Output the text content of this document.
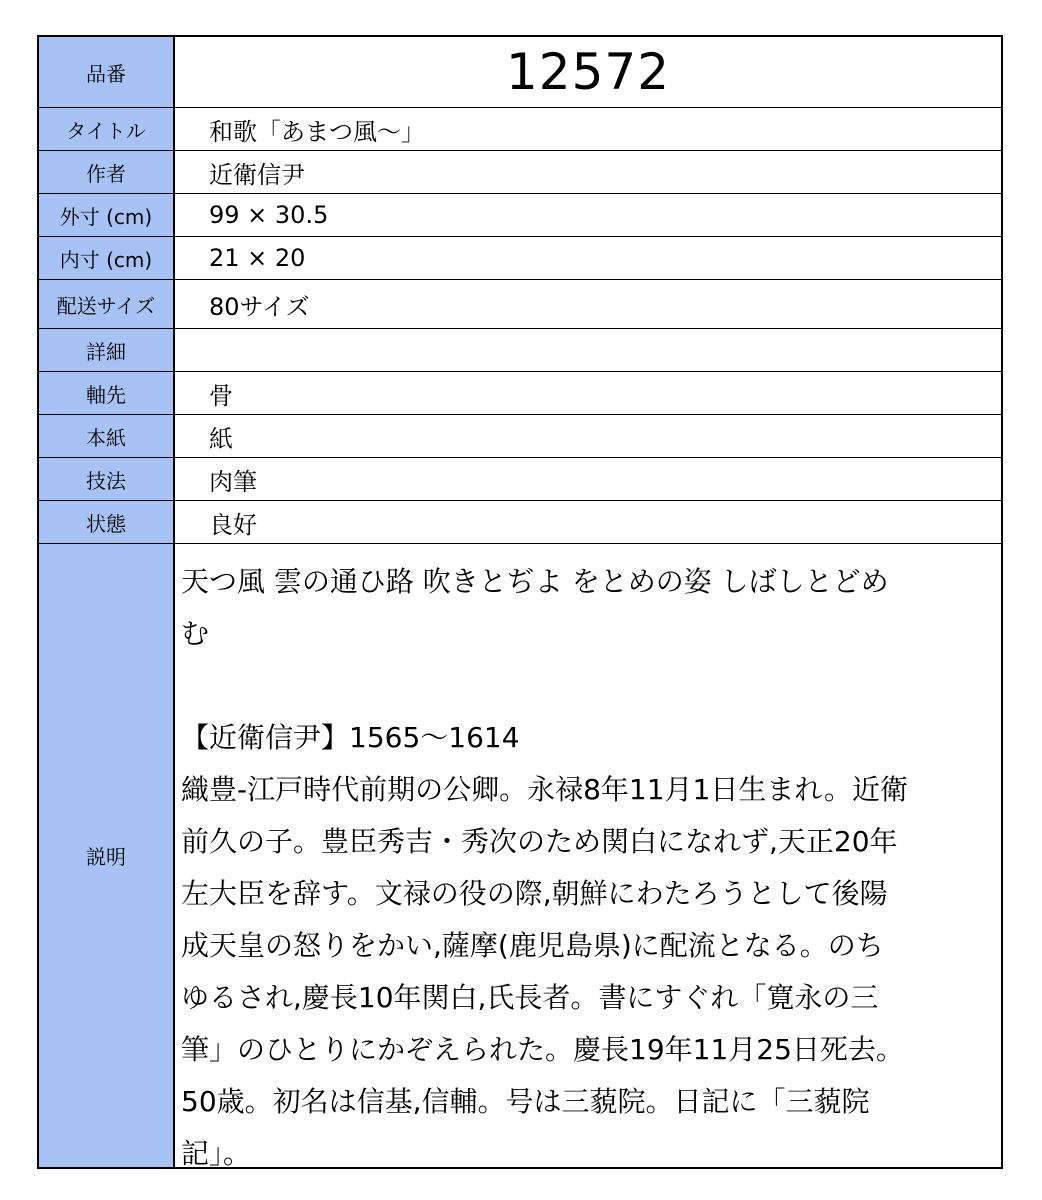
品番	12572
タイトル	和歌「あまつ風〜」
作者	近衛信尹
外寸 (cm)	99 × 30.5
内寸 (cm)	21 × 20
配送サイズ	80サイズ
詳細
軸先	骨
本紙	紙
技法	肉筆
状態	良好
説明
天つ風 雲の通ひ路 吹きとぢよ をとめの姿 しばしとどめ
む
【近衛信尹】1565〜1614
織豊-江戸時代前期の公卿。永禄8年11月1日生まれ。近衛
前久の子。豊臣秀吉・秀次のため関白になれず,天正20年
左大臣を辞す。文禄の役の際,朝鮮にわたろうとして後陽
成天皇の怒りをかい,薩摩(鹿児島県)に配流となる。のち
ゆるされ,慶長10年関白,氏長者。書にすぐれ「寛永の三
筆」のひとりにかぞえられた。慶長19年11月25日死去。
50歳。初名は信基,信輔。号は三藐院。日記に「三藐院
記」。
